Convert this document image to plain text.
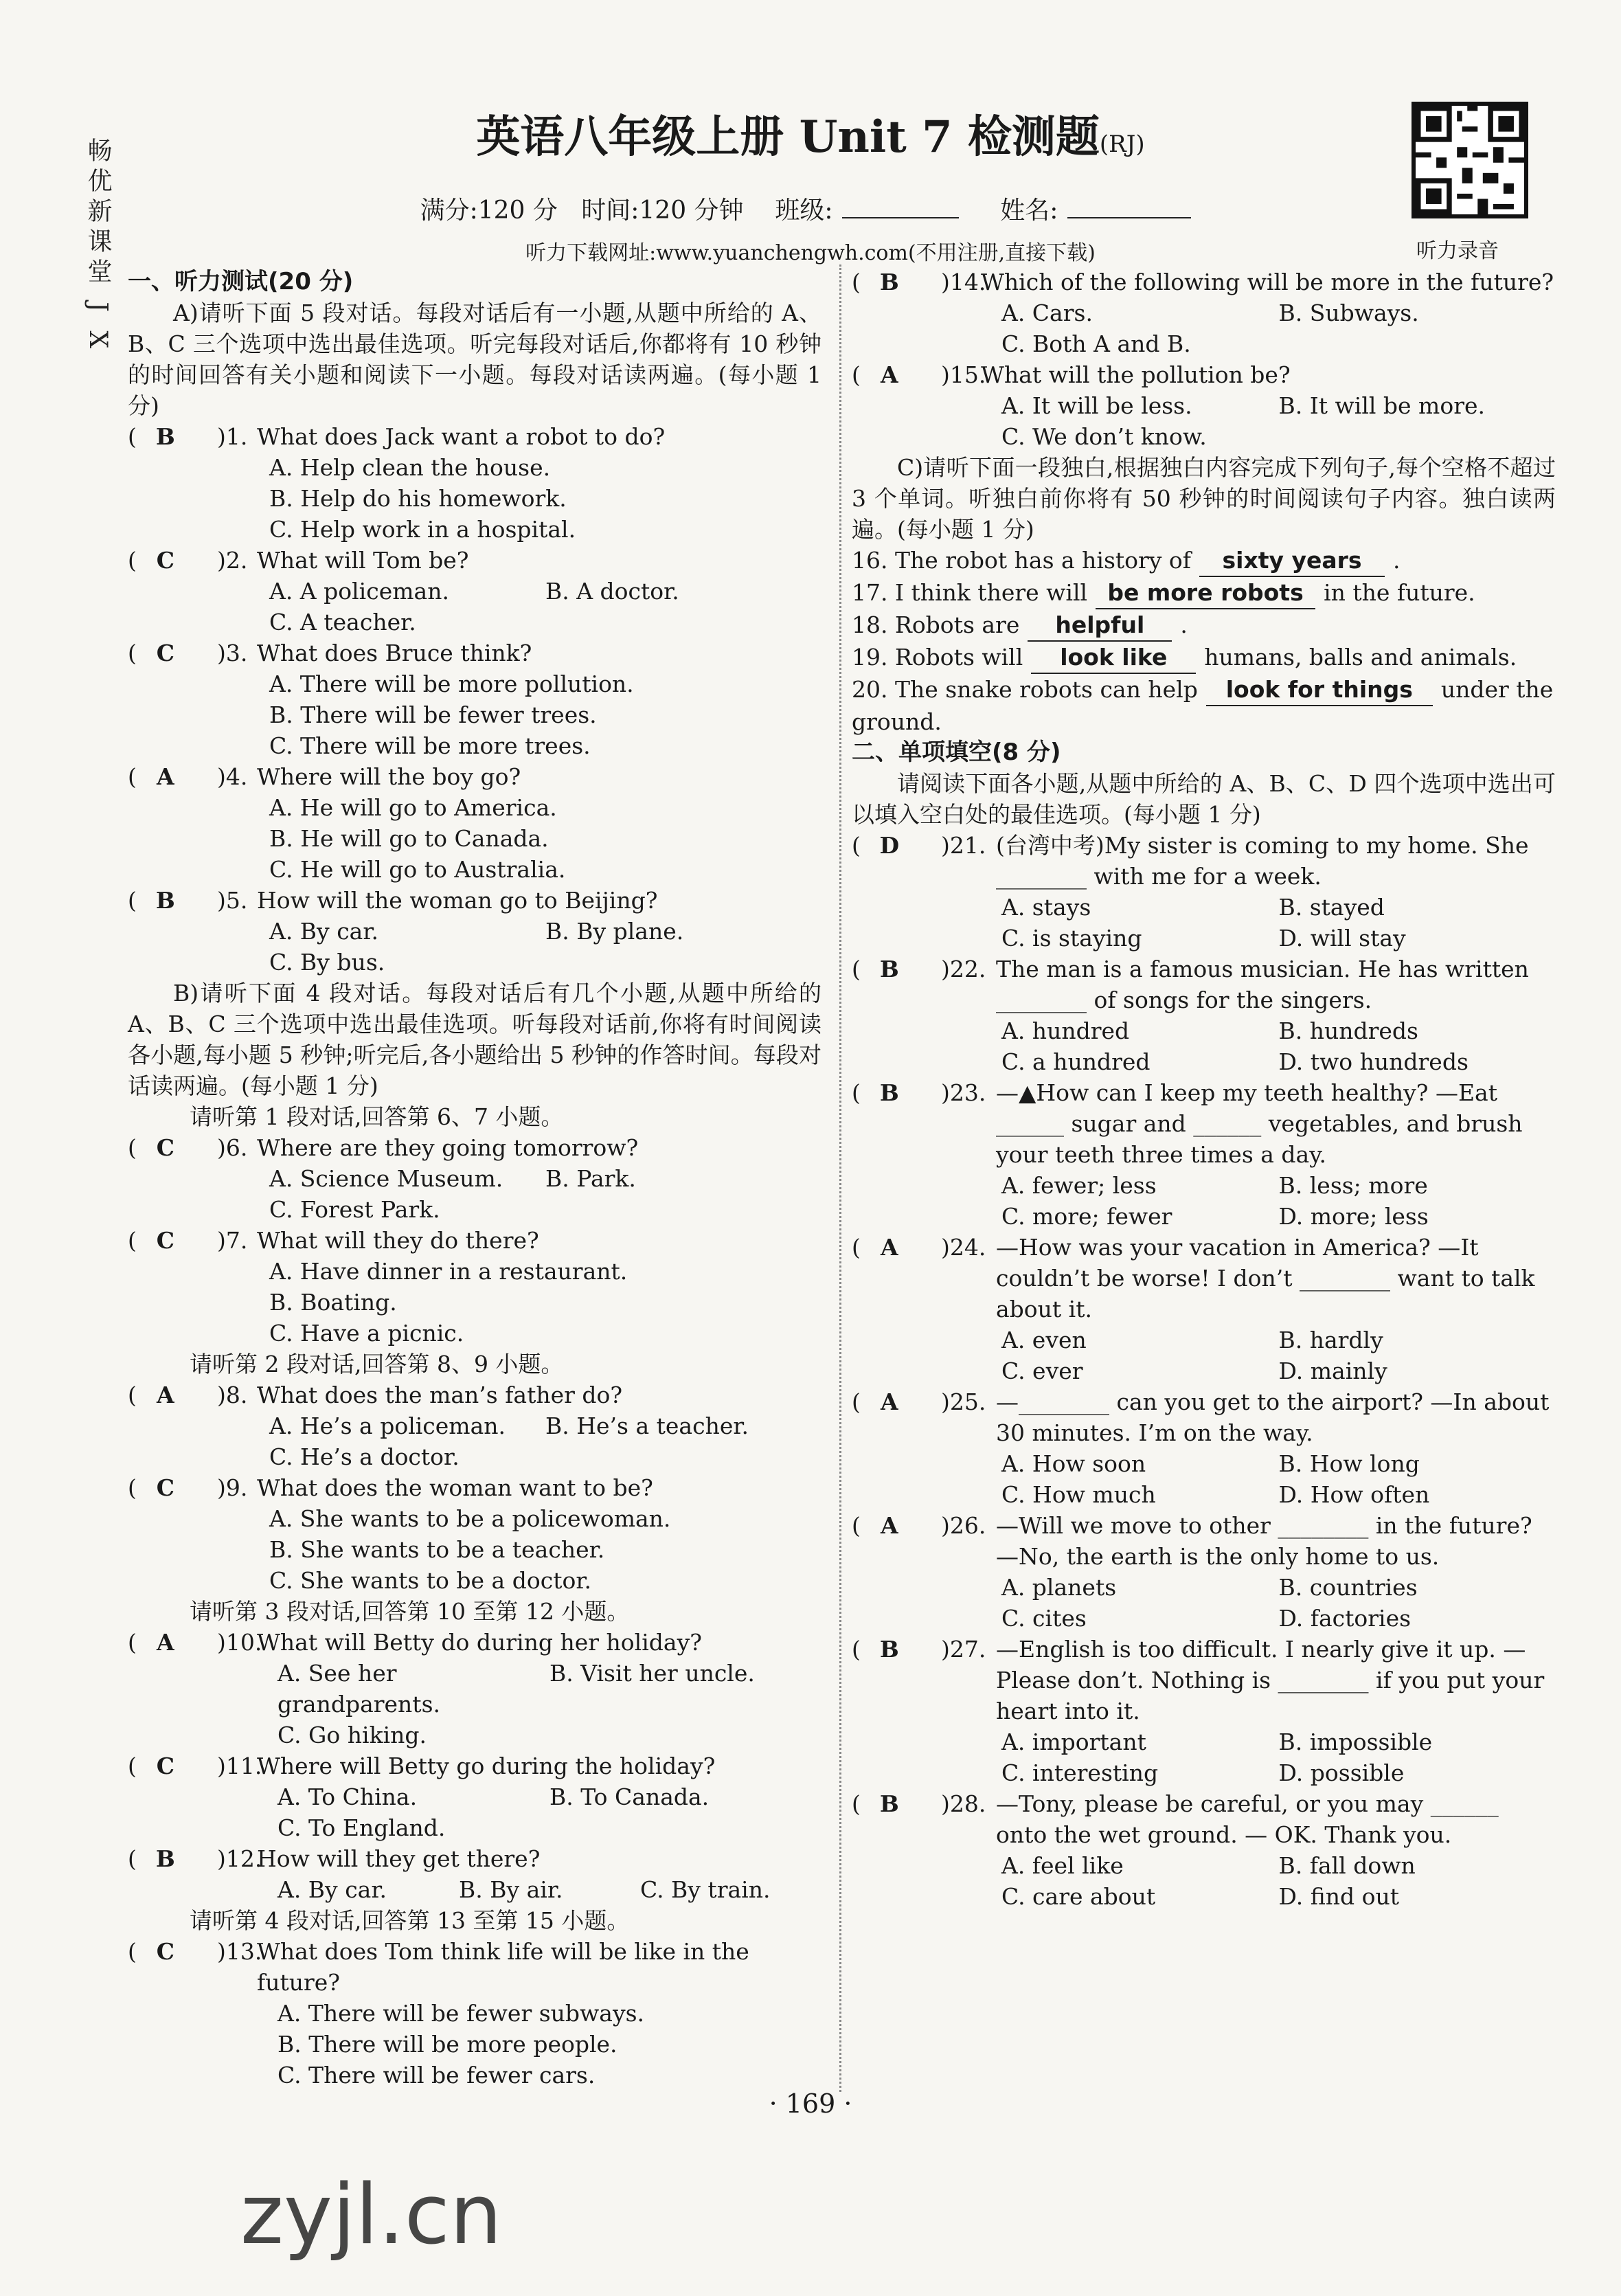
畅优新课堂 J X
英语八年级上册 Unit 7 检测题(RJ)
满分:120 分 时间:120 分钟 班级:	姓名:
听力下载网址:www.yuanchengwh.com(不用注册,直接下载)	听力录音
一、听力测试(20 分)
A)请听下面 5 段对话。每段对话后有一小题,从题中所给的 A、B、C 三个选项中选出最佳选项。听完每段对话后,你都将有 10 秒钟的时间回答有关小题和阅读下一小题。每段对话读两遍。(每小题 1 分)
(  B	)1. What does Jack want a robot to do?
A. Help clean the house.
B. Help do his homework.
C. Help work in a hospital.
(  C	)2. What will Tom be?
A. A policeman.	B. A doctor.
C. A teacher.
(  C	)3. What does Bruce think?
A. There will be more pollution.
B. There will be fewer trees.
C. There will be more trees.
(  A	)4. Where will the boy go?
A. He will go to America.
B. He will go to Canada.
C. He will go to Australia.
(  B	)5. How will the woman go to Beijing?
A. By car.	B. By plane.
C. By bus.
B)请听下面 4 段对话。每段对话后有几个小题,从题中所给的 A、B、C 三个选项中选出最佳选项。听每段对话前,你将有时间阅读各小题,每小题 5 秒钟;听完后,各小题给出 5 秒钟的作答时间。每段对话读两遍。(每小题 1 分)
请听第 1 段对话,回答第 6、7 小题。
(  C	)6. Where are they going tomorrow?
A. Science Museum.	B. Park.
C. Forest Park.
(  C	)7. What will they do there?
A. Have dinner in a restaurant.
B. Boating.
C. Have a picnic.
请听第 2 段对话,回答第 8、9 小题。
(  A	)8. What does the man’s father do?
A. He’s a policeman.	B. He’s a teacher.
C. He’s a doctor.
(  C	)9. What does the woman want to be?
A. She wants to be a policewoman.
B. She wants to be a teacher.
C. She wants to be a doctor.
请听第 3 段对话,回答第 10 至第 12 小题。
(  A	)10.
What will Betty do during her holiday?
A. See her grandparents.
B. Visit her uncle.
C. Go hiking.
(  C	)11.
Where will Betty go during the holiday?
A. To China.	B. To Canada.
C. To England.
(  B	)12.
How will they get there?
A. By car.	B. By air.	C. By train.
请听第 4 段对话,回答第 13 至第 15 小题。
(  C	)13.
What does Tom think life will be like in the future?
A. There will be fewer subways.
B. There will be more people.
C. There will be fewer cars.
(  B	)14.
Which of the following will be more in the future?
A. Cars.	B. Subways.
C. Both A and B.
(  A	)15.
What will the pollution be?
A. It will be less.	B. It will be more.
C. We don’t know.
C)请听下面一段独白,根据独白内容完成下列句子,每个空格不超过 3 个单词。听独白前你将有 50 秒钟的时间阅读句子内容。独白读两遍。(每小题 1 分)
16. The robot has a history of	sixty years	.
17. I think there will be more robots in the future.
18. Robots are	helpful	.
19. Robots will	look like	humans, balls and animals.
20. The snake robots can help look for things under the ground.
二、单项填空(8 分)
请阅读下面各小题,从题中所给的 A、B、C、D 四个选项中选出可以填入空白处的最佳选项。(每小题 1 分)
(  D	)21. (台湾中考)My sister is coming to my home. She ________ with me for a week.
A. stays	B. stayed
C. is staying	D. will stay
(  B	)22. The man is a famous musician. He has written ________ of songs for the singers.
A. hundred	B. hundreds
C. a hundred	D. two hundreds
(  B	)23. —▲How can I keep my teeth healthy? —Eat ______ sugar and ______ vegetables, and brush your teeth three times a day.
A. fewer; less	B. less; more
C. more; fewer	D. more; less
(  A	)24. —How was your vacation in America? —It couldn’t be worse! I don’t ________ want to talk about it.
A. even	B. hardly
C. ever	D. mainly
(  A	)25. —________ can you get to the airport? —In about 30 minutes. I’m on the way.
A. How soon	B. How long
C. How much	D. How often
(  A	)26. —Will we move to other ________ in the future? —No, the earth is the only home to us.
A. planets	B. countries
C. cites	D. factories
(  B	)27. —English is too difficult. I nearly give it up. —Please don’t. Nothing is ________ if you put your heart into it.
A. important	B. impossible
C. interesting	D. possible
(  B	)28. —Tony, please be careful, or you may ______ onto the wet ground. — OK. Thank you.
A. feel like	B. fall down
C. care about	D. find out
· 169 ·
zyjl.cn
